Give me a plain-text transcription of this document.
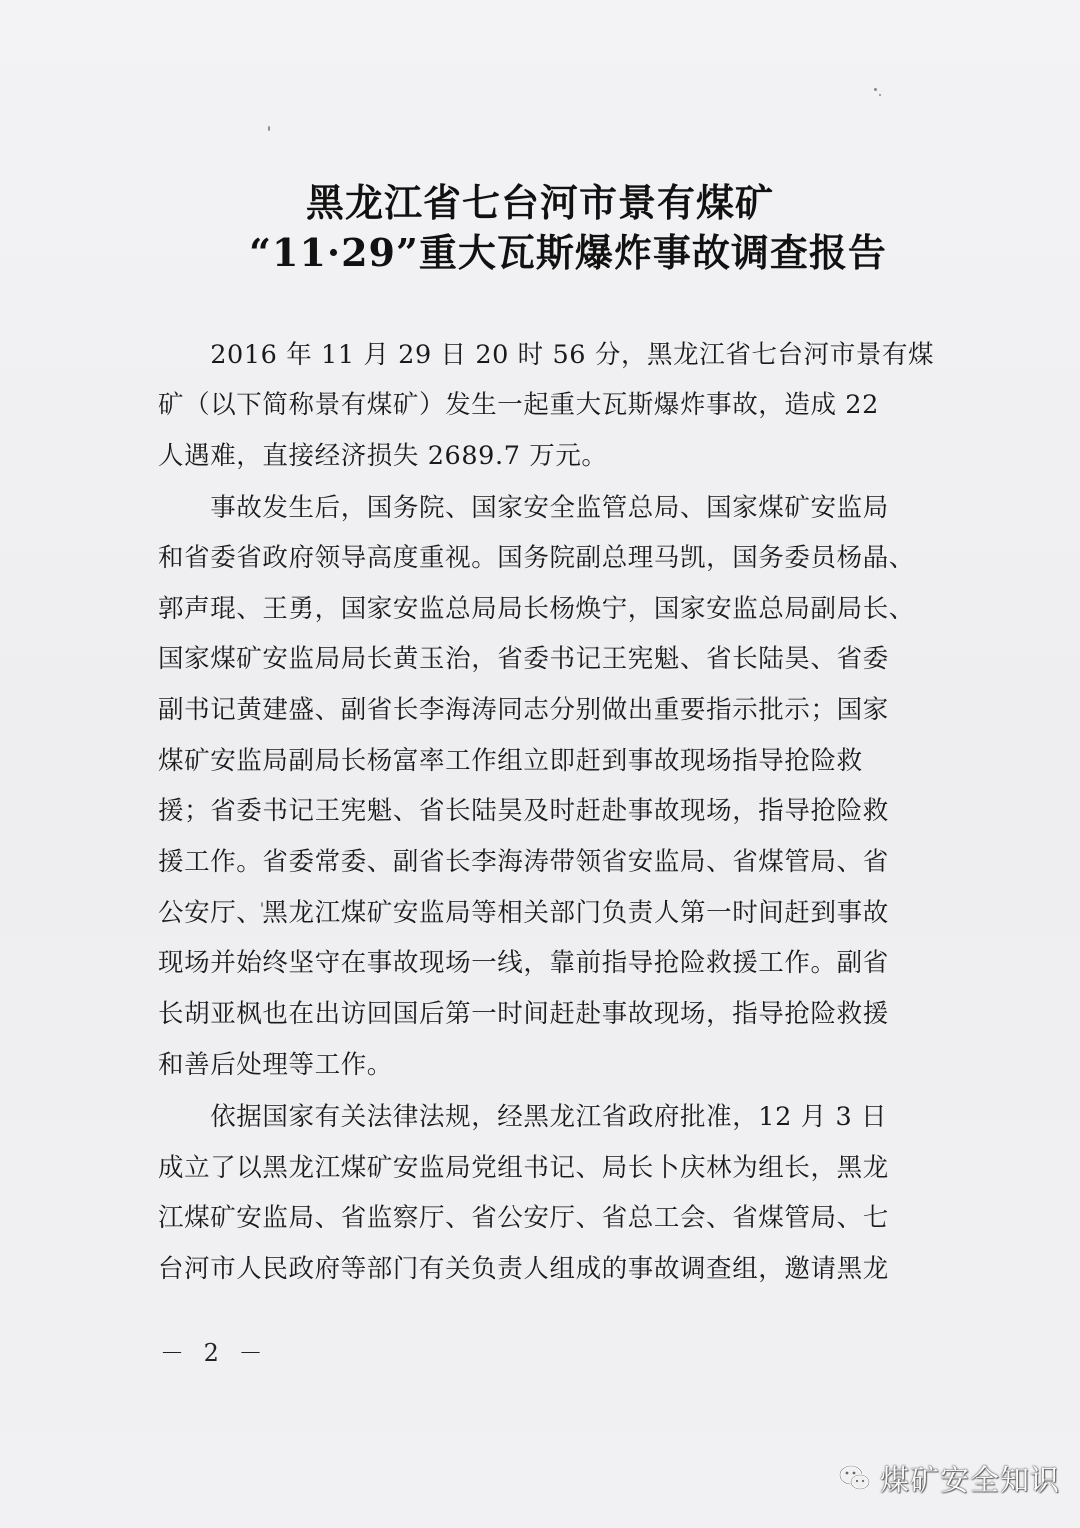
黑龙江省七台河市景有煤矿
“11·29”重大瓦斯爆炸事故调查报告
　　2016 年 11 月 29 日 20 时 56 分，黑龙江省七台河市景有煤
矿（以下简称景有煤矿）发生一起重大瓦斯爆炸事故，造成 22
人遇难，直接经济损失 2689.7 万元。
　　事故发生后，国务院、国家安全监管总局、国家煤矿安监局
和省委省政府领导高度重视。国务院副总理马凯，国务委员杨晶、
郭声琨、王勇，国家安监总局局长杨焕宁，国家安监总局副局长、
国家煤矿安监局局长黄玉治，省委书记王宪魁、省长陆昊、省委
副书记黄建盛、副省长李海涛同志分别做出重要指示批示；国家
煤矿安监局副局长杨富率工作组立即赶到事故现场指导抢险救
援；省委书记王宪魁、省长陆昊及时赶赴事故现场，指导抢险救
援工作。省委常委、副省长李海涛带领省安监局、省煤管局、省
公安厅、黑龙江煤矿安监局等相关部门负责人第一时间赶到事故
现场并始终坚守在事故现场一线，靠前指导抢险救援工作。副省
长胡亚枫也在出访回国后第一时间赶赴事故现场，指导抢险救援
和善后处理等工作。
　　依据国家有关法律法规，经黑龙江省政府批准，12 月 3 日
成立了以黑龙江煤矿安监局党组书记、局长卜庆林为组长，黑龙
江煤矿安监局、省监察厅、省公安厅、省总工会、省煤管局、七
台河市人民政府等部门有关负责人组成的事故调查组，邀请黑龙
－ 2 －
煤矿安全知识
